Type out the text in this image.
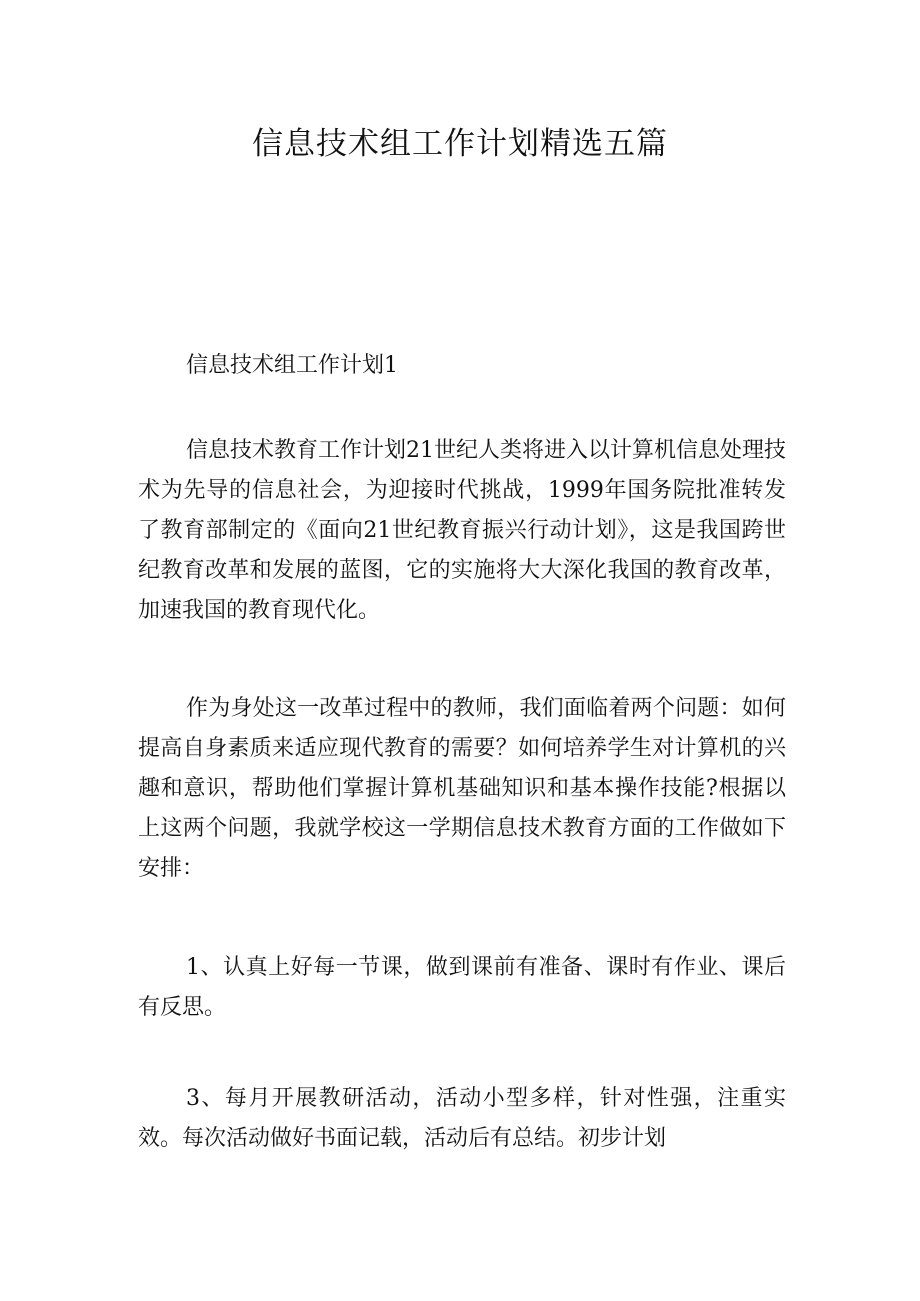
信息技术组工作计划精选五篇

信息技术组工作计划1

信息技术教育工作计划21世纪人类将进入以计算机信息处理技术为先导的信息社会，为迎接时代挑战，1999年国务院批准转发了教育部制定的《面向21世纪教育振兴行动计划》，这是我国跨世纪教育改革和发展的蓝图，它的实施将大大深化我国的教育改革，加速我国的教育现代化。

作为身处这一改革过程中的教师，我们面临着两个问题：如何提高自身素质来适应现代教育的需要？如何培养学生对计算机的兴趣和意识，帮助他们掌握计算机基础知识和基本操作技能?根据以上这两个问题，我就学校这一学期信息技术教育方面的工作做如下安排：

1、认真上好每一节课，做到课前有准备、课时有作业、课后有反思。

3、每月开展教研活动，活动小型多样，针对性强，注重实效。每次活动做好书面记载，活动后有总结。初步计划
